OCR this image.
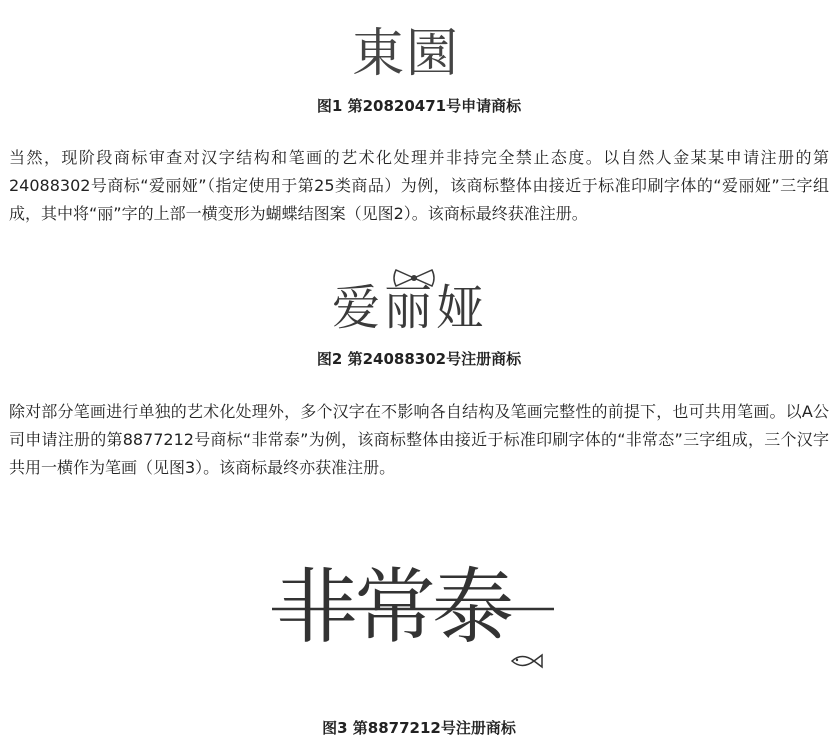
東園
图1 第20820471号申请商标

当然，现阶段商标审查对汉字结构和笔画的艺术化处理并非持完全禁止态度。以自然人金某某申请注册的第24088302号商标“爱丽娅”（指定使用于第25类商品）为例，该商标整体由接近于标准印刷字体的“爱丽娅”三字组成，其中将“丽”字的上部一横变形为蝴蝶结图案（见图2）。该商标最终获准注册。

爱丽娅
图2 第24088302号注册商标

除对部分笔画进行单独的艺术化处理外，多个汉字在不影响各自结构及笔画完整性的前提下，也可共用笔画。以A公司申请注册的第8877212号商标“非常泰”为例，该商标整体由接近于标准印刷字体的“非常态”三字组成，三个汉字共用一横作为笔画（见图3）。该商标最终亦获准注册。

非常泰
图3 第8877212号注册商标
